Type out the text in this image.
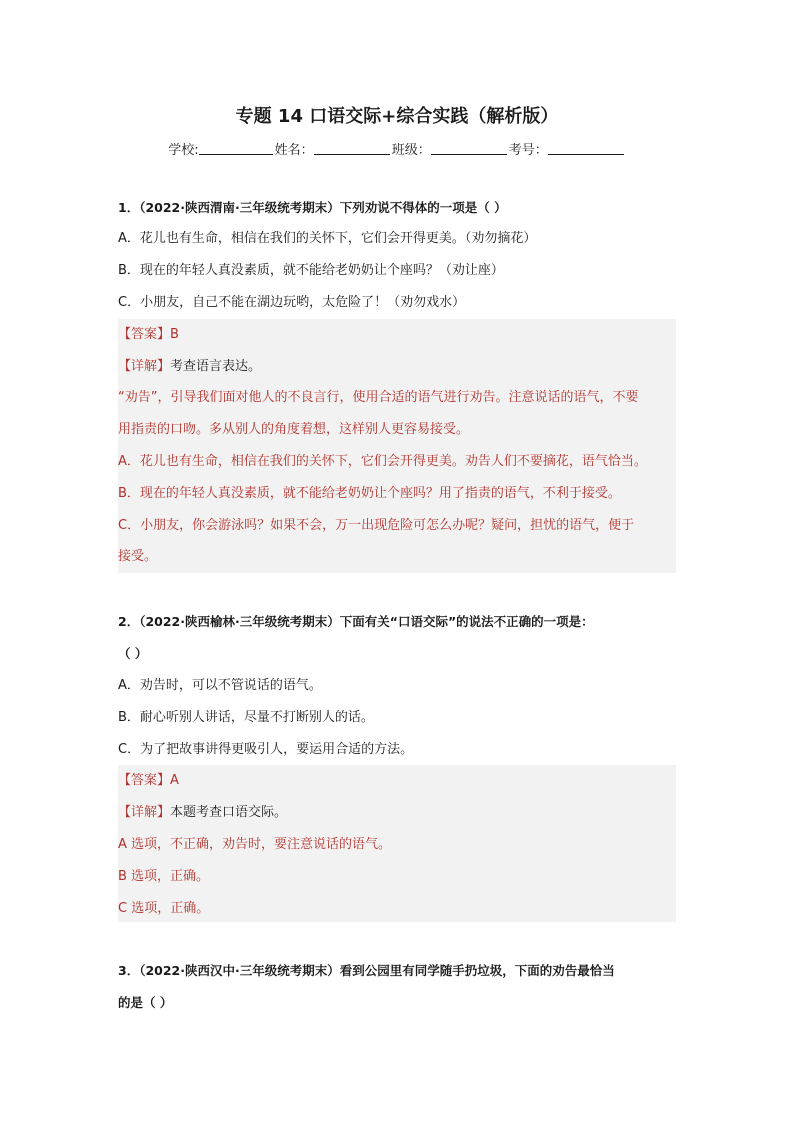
专题 14 口语交际+综合实践（解析版）
学校:	姓名：	班级：	考号：
1．（2022·陕西渭南·三年级统考期末）下列劝说不得体的一项是（ ）
A．花儿也有生命，相信在我们的关怀下，它们会开得更美。（劝勿摘花）
B．现在的年轻人真没素质，就不能给老奶奶让个座吗？（劝让座）
C．小朋友，自己不能在湖边玩哟，太危险了！（劝勿戏水）
【答案】B
【详解】考查语言表达。
“劝告”，引导我们面对他人的不良言行，使用合适的语气进行劝告。注意说话的语气，不要
用指责的口吻。多从别人的角度着想，这样别人更容易接受。
A．花儿也有生命，相信在我们的关怀下，它们会开得更美。劝告人们不要摘花，语气恰当。
B．现在的年轻人真没素质，就不能给老奶奶让个座吗？用了指责的语气，不利于接受。
C．小朋友，你会游泳吗？如果不会，万一出现危险可怎么办呢？疑问，担忧的语气，便于
接受。
2．（2022·陕西榆林·三年级统考期末）下面有关“口语交际”的说法不正确的一项是：
（ ）
A．劝告时，可以不管说话的语气。
B．耐心听别人讲话，尽量不打断别人的话。
C．为了把故事讲得更吸引人，要运用合适的方法。
【答案】A
【详解】本题考查口语交际。
A 选项，不正确，劝告时，要注意说话的语气。
B 选项，正确。
C 选项，正确。
3．（2022·陕西汉中·三年级统考期末）看到公园里有同学随手扔垃圾，下面的劝告最恰当
的是（ ）
